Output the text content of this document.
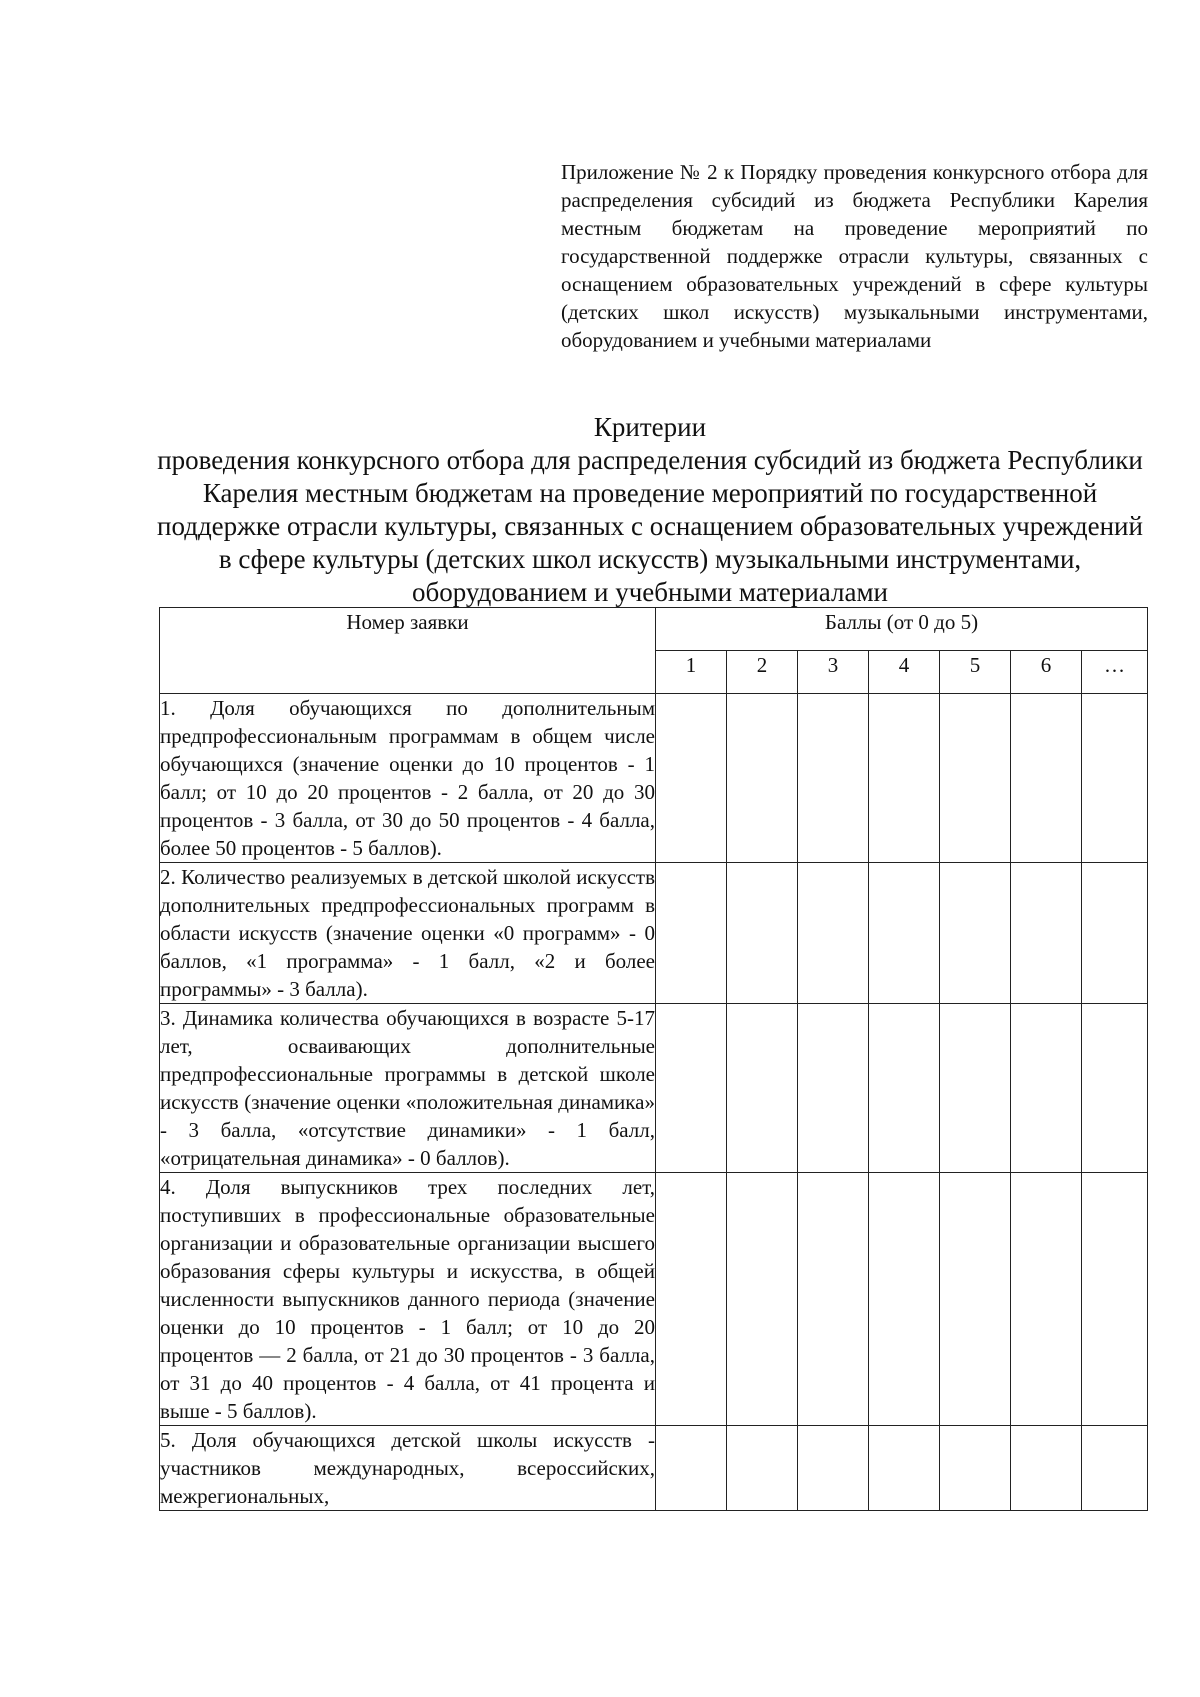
Приложение № 2 к Порядку проведения конкурсного отбора для распределения субсидий из бюджета Республики Карелия местным бюджетам на проведение мероприятий по государственной поддержке отрасли культуры, связанных с оснащением образовательных учреждений в сфере культуры (детских школ искусств) музыкальными инструментами, оборудованием и учебными материалами
Критерии
проведения конкурсного отбора для распределения субсидий из бюджета Республики Карелия местным бюджетам на проведение мероприятий по государственной поддержке отрасли культуры, связанных с оснащением образовательных учреждений в сфере культуры (детских школ искусств) музыкальными инструментами, оборудованием и учебными материалами
Номер заявки	Баллы (от 0 до 5)						
	1	2	3	4	5	6	…
1. Доля обучающихся по дополнительным предпрофессиональным программам в общем числе обучающихся (значение оценки до 10 процентов - 1 балл; от 10 до 20 процентов - 2 балла, от 20 до 30 процентов - 3 балла, от 30 до 50 процентов - 4 балла, более 50 процентов - 5 баллов).							
2. Количество реализуемых в детской школой искусств дополнительных предпрофессиональных программ в области искусств (значение оценки «0 программ» - 0 баллов, «1 программа» - 1 балл, «2 и более программы» - 3 балла).							
3. Динамика количества обучающихся в возрасте 5-17 лет, осваивающих дополнительные предпрофессиональные программы в детской школе искусств (значение оценки «положительная динамика» - 3 балла, «отсутствие динамики» - 1 балл, «отрицательная динамика» - 0 баллов).							
4. Доля выпускников трех последних лет, поступивших в профессиональные образовательные организации и образовательные организации высшего образования сферы культуры и искусства, в общей численности выпускников данного периода (значение оценки до 10 процентов - 1 балл; от 10 до 20 процентов — 2 балла, от 21 до 30 процентов - 3 балла, от 31 до 40 процентов - 4 балла, от 41 процента и выше - 5 баллов).							
5. Доля обучающихся детской школы искусств - участников международных, всероссийских, межрегиональных,							
